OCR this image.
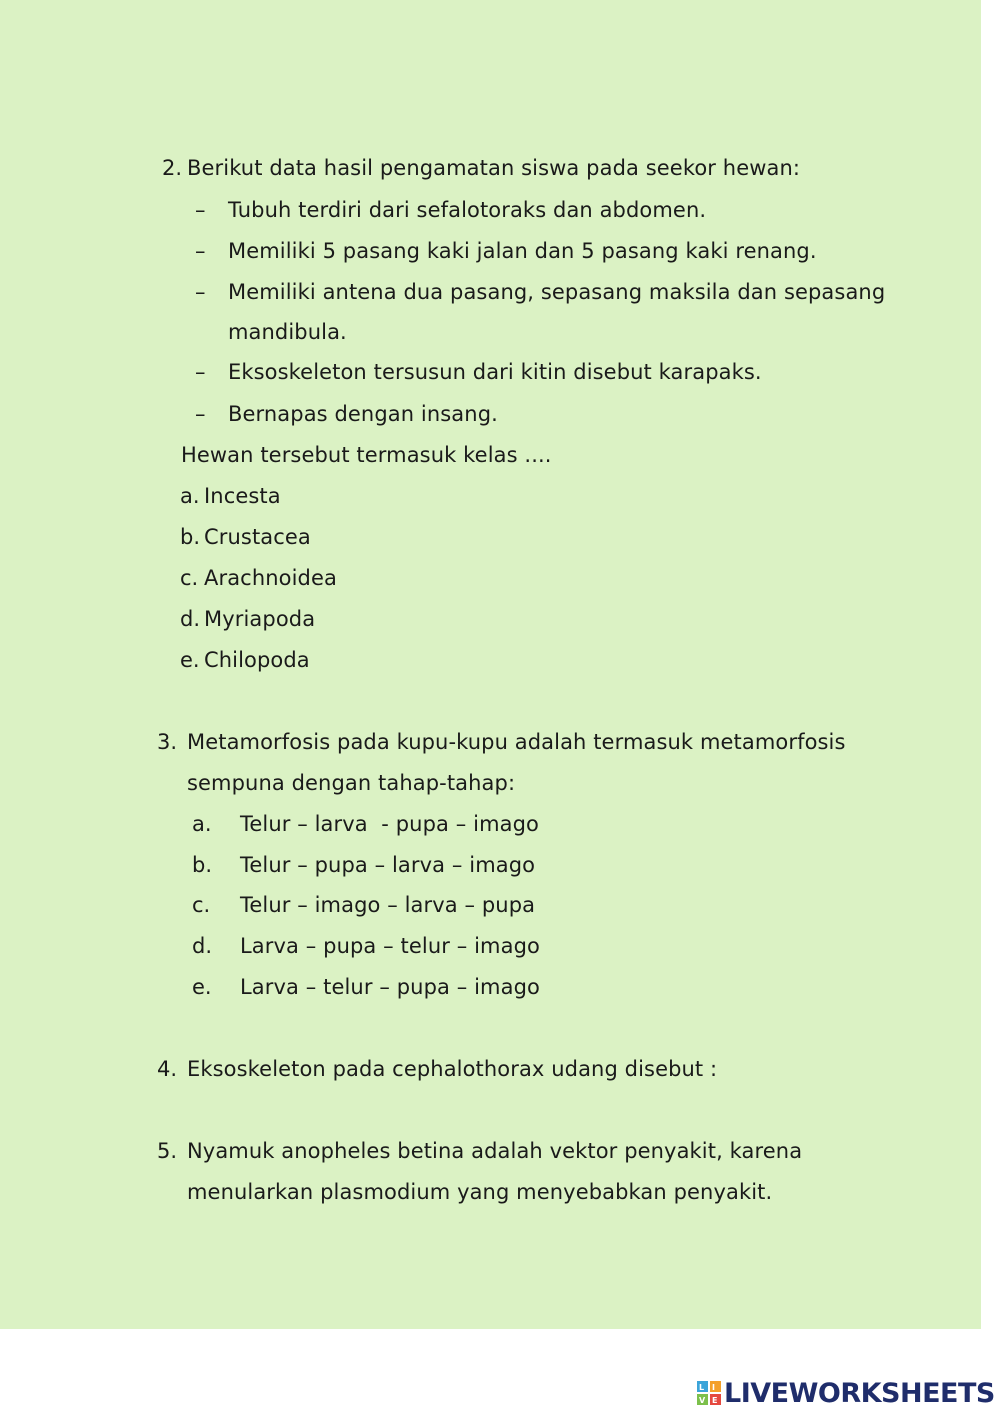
2. Berikut data hasil pengamatan siswa pada seekor hewan:
– Tubuh terdiri dari sefalotoraks dan abdomen.
– Memiliki 5 pasang kaki jalan dan 5 pasang kaki renang.
– Memiliki antena dua pasang, sepasang maksila dan sepasang
mandibula.
– Eksoskeleton tersusun dari kitin disebut karapaks.
– Bernapas dengan insang.
Hewan tersebut termasuk kelas ....
a. Incesta
b. Crustacea
c. Arachnoidea
d. Myriapoda
e. Chilopoda
3. Metamorfosis pada kupu-kupu adalah termasuk metamorfosis
sempuna dengan tahap-tahap:
a. Telur – larva  - pupa – imago
b. Telur – pupa – larva – imago
c. Telur – imago – larva – pupa
d. Larva – pupa – telur – imago
e. Larva – telur – pupa – imago
4. Eksoskeleton pada cephalothorax udang disebut :
5. Nyamuk anopheles betina adalah vektor penyakit, karena
menularkan plasmodium yang menyebabkan penyakit.
L I
V E LIVEWORKSHEETS
